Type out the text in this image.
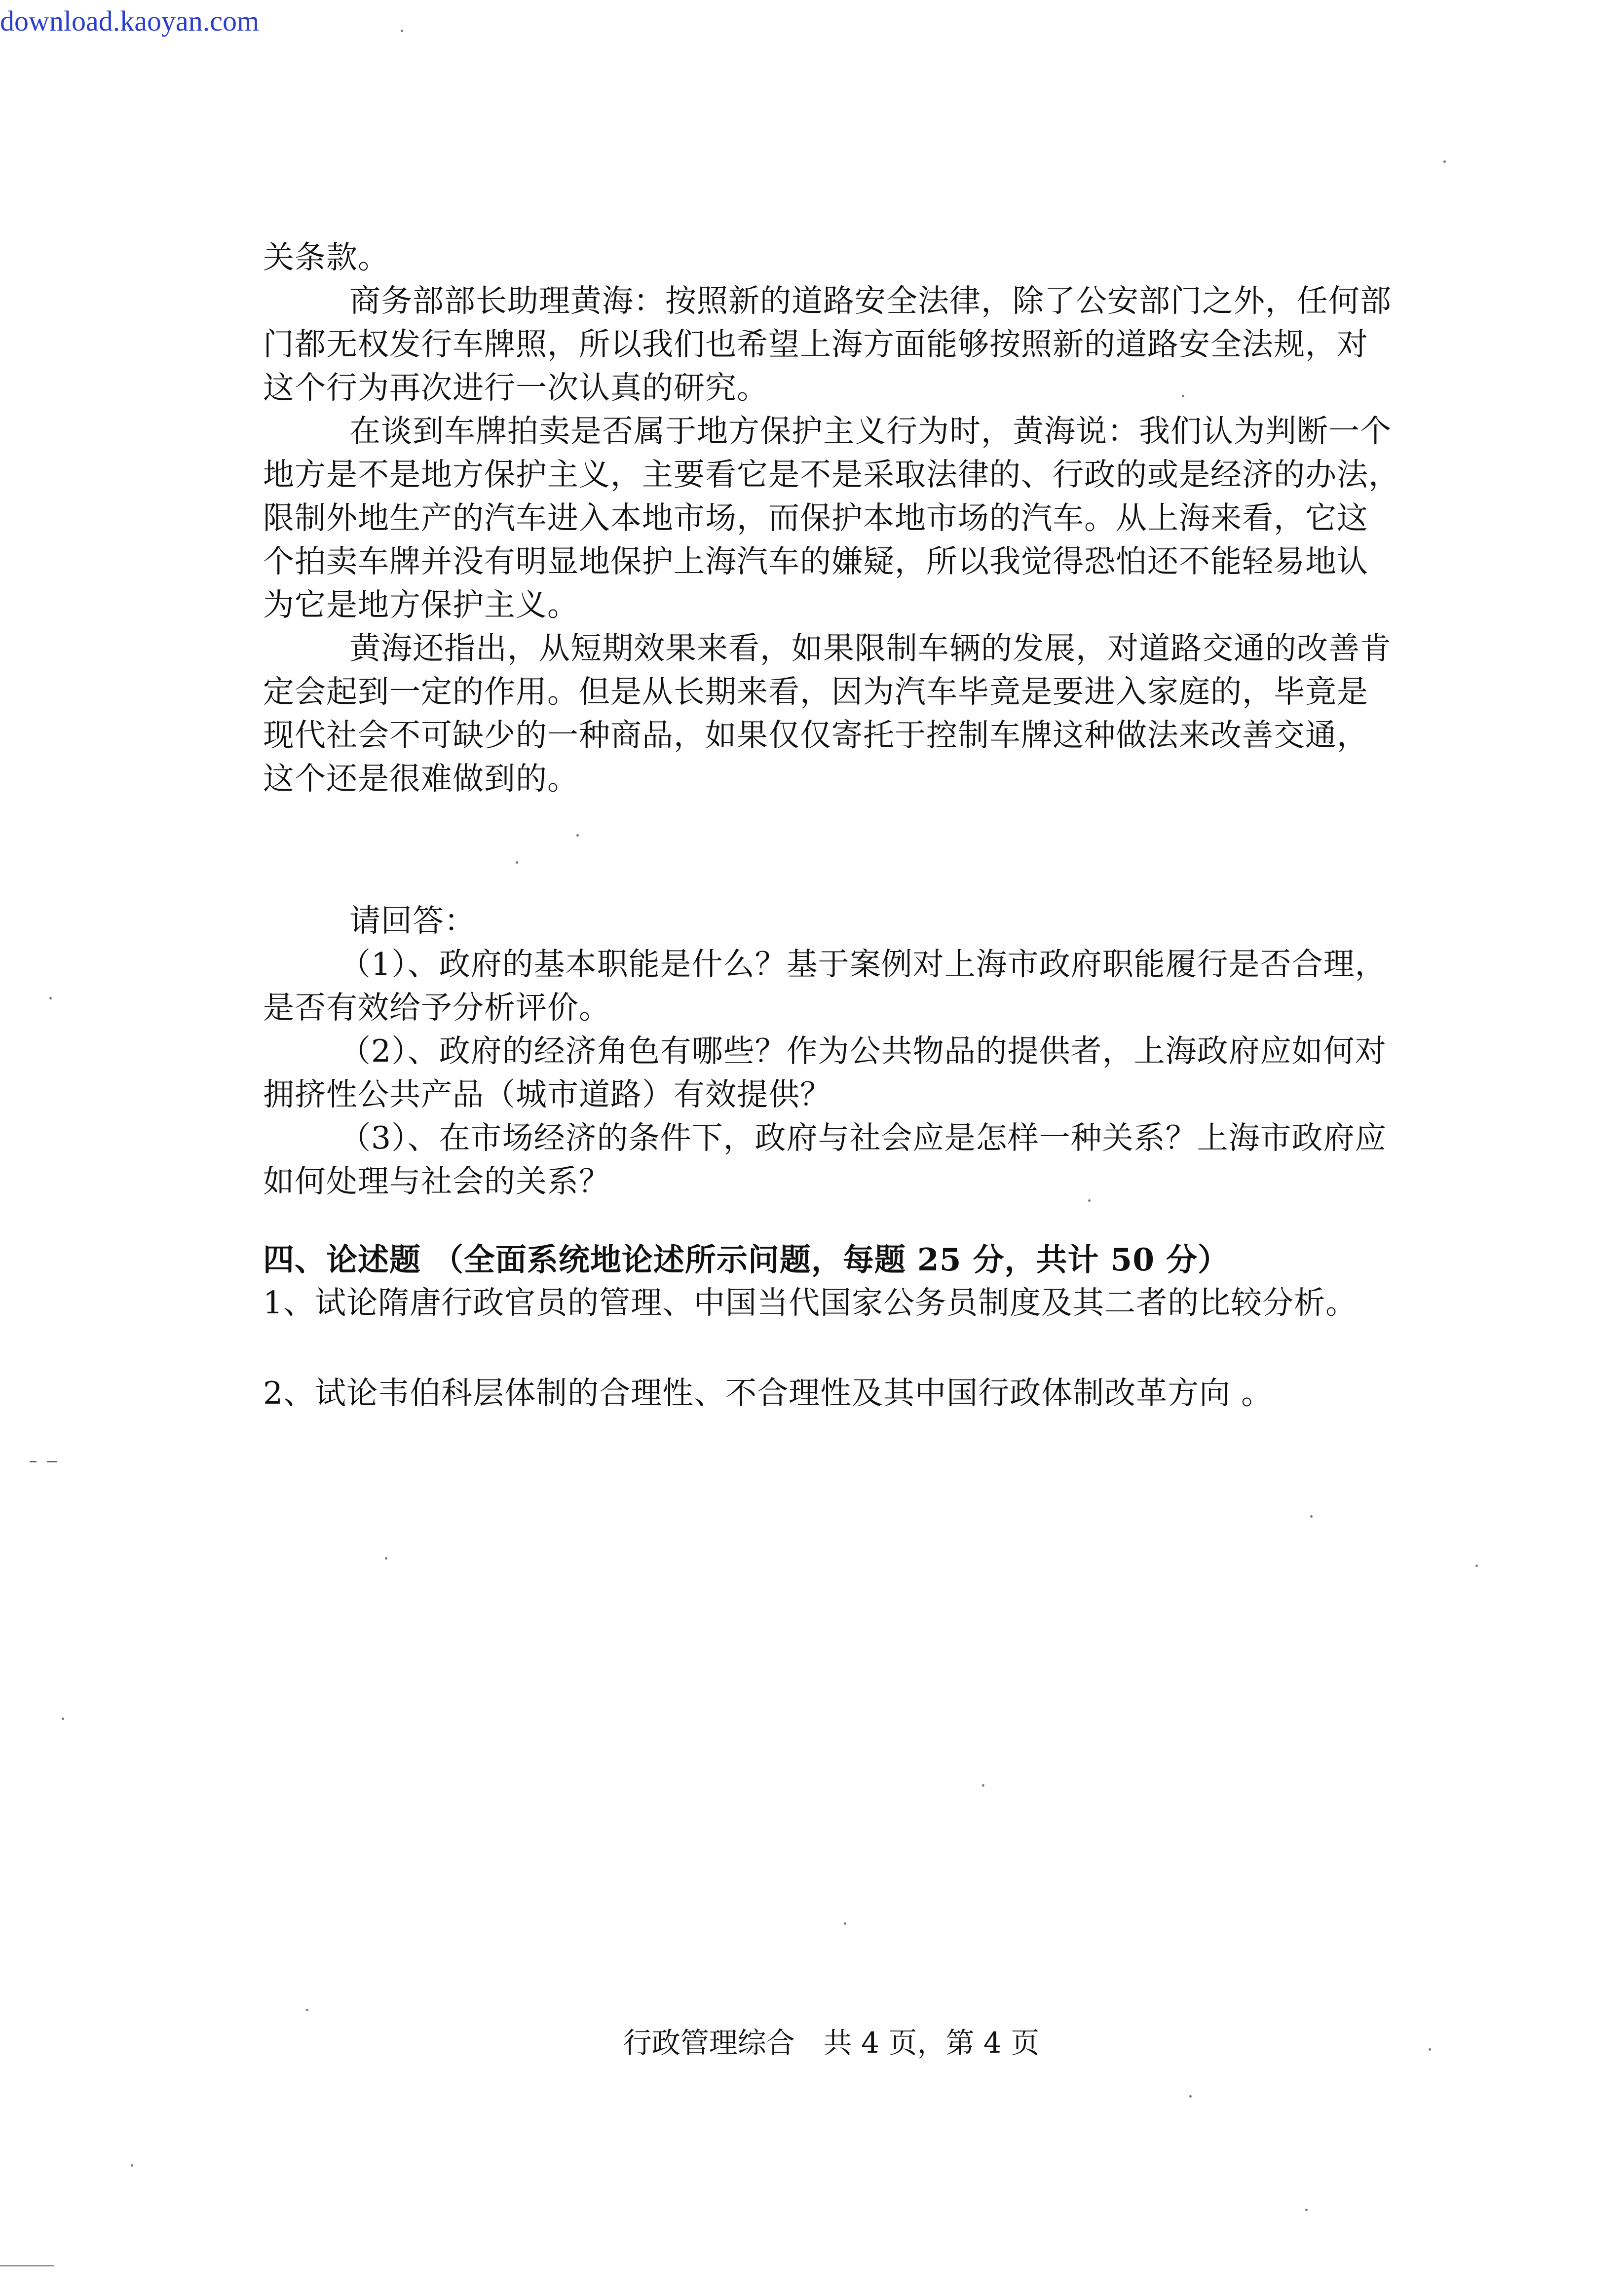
download.kaoyan.com

关条款。

商务部部长助理黄海：按照新的道路安全法律，除了公安部门之外，任何部

门都无权发行车牌照，所以我们也希望上海方面能够按照新的道路安全法规，对

这个行为再次进行一次认真的研究。

在谈到车牌拍卖是否属于地方保护主义行为时，黄海说：我们认为判断一个

地方是不是地方保护主义，主要看它是不是采取法律的、行政的或是经济的办法，

限制外地生产的汽车进入本地市场，而保护本地市场的汽车。从上海来看，它这

个拍卖车牌并没有明显地保护上海汽车的嫌疑，所以我觉得恐怕还不能轻易地认

为它是地方保护主义。

黄海还指出，从短期效果来看，如果限制车辆的发展，对道路交通的改善肯

定会起到一定的作用。但是从长期来看，因为汽车毕竟是要进入家庭的，毕竟是

现代社会不可缺少的一种商品，如果仅仅寄托于控制车牌这种做法来改善交通，

这个还是很难做到的。

请回答：

（1）、政府的基本职能是什么？基于案例对上海市政府职能履行是否合理，

是否有效给予分析评价。

（2）、政府的经济角色有哪些？作为公共物品的提供者，上海政府应如何对

拥挤性公共产品（城市道路）有效提供？

（3）、在市场经济的条件下，政府与社会应是怎样一种关系？上海市政府应

如何处理与社会的关系？

四、论述题 （全面系统地论述所示问题，每题 25 分，共计 50 分）

1、试论隋唐行政官员的管理、中国当代国家公务员制度及其二者的比较分析。

2、试论韦伯科层体制的合理性、不合理性及其中国行政体制改革方向 。

行政管理综合　共 4 页，第 4 页
